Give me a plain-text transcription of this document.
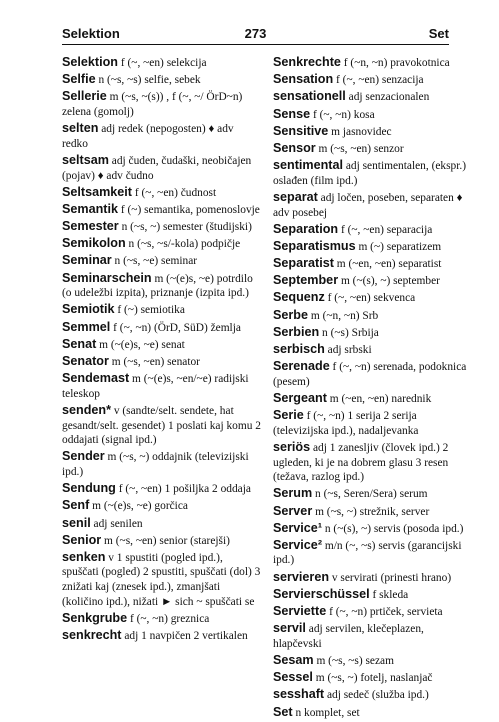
Selektion	273	Set
Selektion f (~, ~en) selekcija
Selfie n (~s, ~s) selfie, sebek
Sellerie m (~s, ~(s)) , f (~, ~/ ÖrD~n) zelena (gomolj)
selten adj redek (nepogosten) ♦ adv redko
seltsam adj čuden, čudaški, neobičajen (pojav) ♦ adv čudno
Seltsamkeit f (~, ~en) čudnost
Semantik f (~) semantika, pomenoslovje
Semester n (~s, ~) semester (študijski)
Semikolon n (~s, ~s/-kola) podpičje
Seminar n (~s, ~e) seminar
Seminarschein m (~(e)s, ~e) potrdilo (o udeležbi izpita), priznanje (izpita ipd.)
Semiotik f (~) semiotika
Semmel f (~, ~n) (ÖrD, SüD) žemlja
Senat m (~(e)s, ~e) senat
Senator m (~s, ~en) senator
Sendemast m (~(e)s, ~en/~e) radijski teleskop
senden* v (sandte/selt. sendete, hat gesandt/selt. gesendet) 1 poslati kaj komu 2 oddajati (signal ipd.)
Sender m (~s, ~) oddajnik (televizijski ipd.)
Sendung f (~, ~en) 1 pošiljka 2 oddaja
Senf m (~(e)s, ~e) gorčica
senil adj senilen
Senior m (~s, ~en) senior (starejši)
senken v 1 spustiti (pogled ipd.), spuščati (pogled) 2 spustiti, spuščati (dol) 3 znižati kaj (znesek ipd.), zmanjšati (količino ipd.), nižati ► sich ~ spuščati se
Senkgrube f (~, ~n) greznica
senkrecht adj 1 navpičen 2 vertikalen
Senkrechte f (~n, ~n) pravokotnica
Sensation f (~, ~en) senzacija
sensationell adj senzacionalen
Sense f (~, ~n) kosa
Sensitive m jasnovidec
Sensor m (~s, ~en) senzor
sentimental adj sentimentalen, (ekspr.) oslađen (film ipd.)
separat adj ločen, poseben, separaten ♦ adv posebej
Separation f (~, ~en) separacija
Separatismus m (~) separatizem
Separatist m (~en, ~en) separatist
September m (~(s), ~) september
Sequenz f (~, ~en) sekvenca
Serbe m (~n, ~n) Srb
Serbien n (~s) Srbija
serbisch adj srbski
Serenade f (~, ~n) serenada, podoknica (pesem)
Sergeant m (~en, ~en) narednik
Serie f (~, ~n) 1 serija 2 serija (televizijska ipd.), nadaljevanka
seriös adj 1 zanesljiv (človek ipd.) 2 ugleden, ki je na dobrem glasu 3 resen (težava, razlog ipd.)
Serum n (~s, Seren/Sera) serum
Server m (~s, ~) strežnik, server
Service¹ n (~(s), ~) servis (posoda ipd.)
Service² m/n (~, ~s) servis (garancijski ipd.)
servieren v servirati (prinesti hrano)
Servierschüssel f skleda
Serviette f (~, ~n) prtiček, servieta
servil adj servilen, klečeplazen, hlapčevski
Sesam m (~s, ~s) sezam
Sessel m (~s, ~) fotelj, naslanjač
sesshaft adj sedeč (služba ipd.)
Set n komplet, set
